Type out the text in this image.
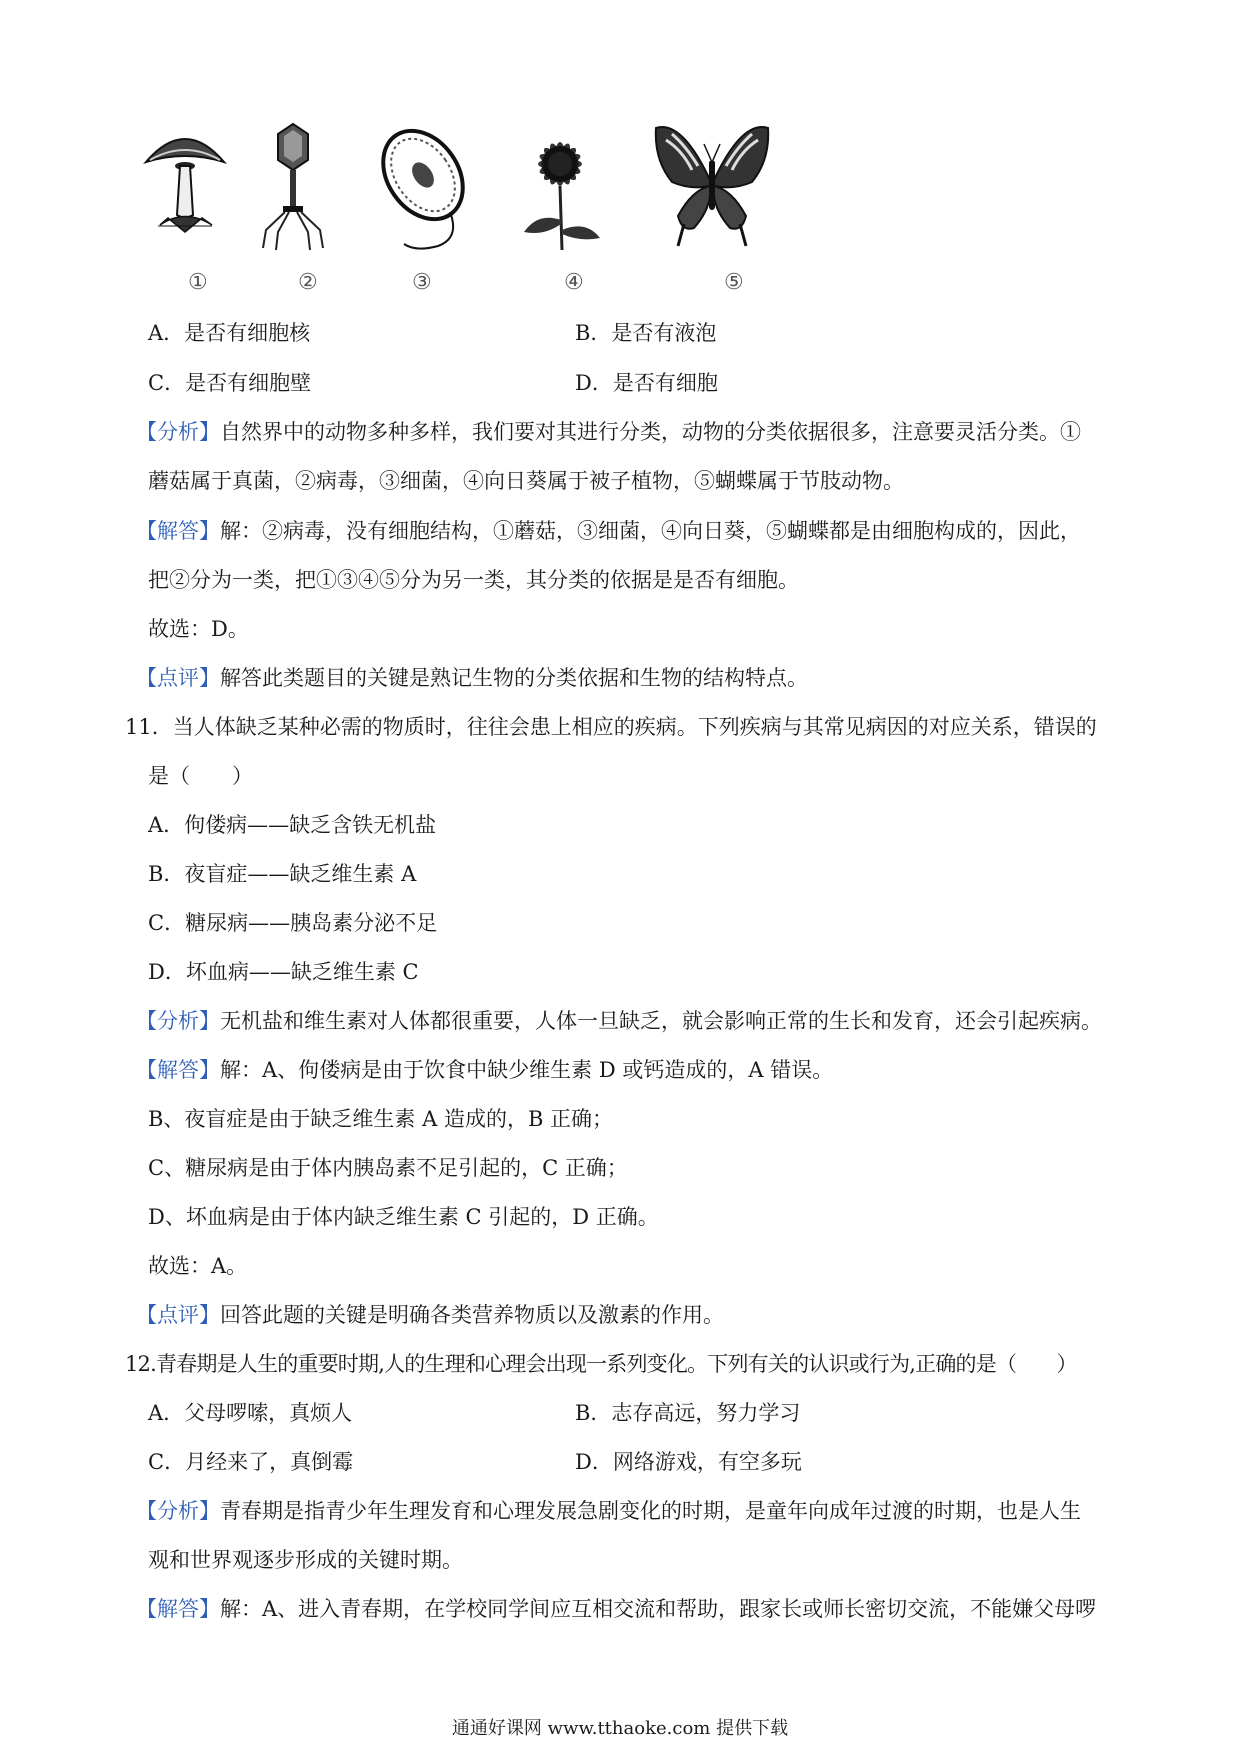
①	②	③	④	⑤
A．是否有细胞核	B．是否有液泡
C．是否有细胞壁	D．是否有细胞
【分析】自然界中的动物多种多样，我们要对其进行分类，动物的分类依据很多，注意要灵活分类。①
蘑菇属于真菌，②病毒，③细菌，④向日葵属于被子植物，⑤蝴蝶属于节肢动物。
【解答】解：②病毒，没有细胞结构，①蘑菇，③细菌，④向日葵，⑤蝴蝶都是由细胞构成的，因此，
把②分为一类，把①③④⑤分为另一类，其分类的依据是是否有细胞。
故选：D。
【点评】解答此类题目的关键是熟记生物的分类依据和生物的结构特点。
11．当人体缺乏某种必需的物质时，往往会患上相应的疾病。下列疾病与其常见病因的对应关系，错误的
是（　　）
A．佝偻病——缺乏含铁无机盐
B．夜盲症——缺乏维生素 A
C．糖尿病——胰岛素分泌不足
D．坏血病——缺乏维生素 C
【分析】无机盐和维生素对人体都很重要，人体一旦缺乏，就会影响正常的生长和发育，还会引起疾病。
【解答】解：A、佝偻病是由于饮食中缺少维生素 D 或钙造成的，A 错误。
B、夜盲症是由于缺乏维生素 A 造成的，B 正确；
C、糖尿病是由于体内胰岛素不足引起的，C 正确；
D、坏血病是由于体内缺乏维生素 C 引起的，D 正确。
故选：A。
【点评】回答此题的关键是明确各类营养物质以及激素的作用。
12.青春期是人生的重要时期,人的生理和心理会出现一系列变化。下列有关的认识或行为,正确的是（　　）
A．父母啰嗦，真烦人	B．志存高远，努力学习
C．月经来了，真倒霉	D．网络游戏，有空多玩
【分析】青春期是指青少年生理发育和心理发展急剧变化的时期，是童年向成年过渡的时期，也是人生
观和世界观逐步形成的关键时期。
【解答】解：A、进入青春期，在学校同学间应互相交流和帮助，跟家长或师长密切交流，不能嫌父母啰
通通好课网 www.tthaoke.com 提供下载
